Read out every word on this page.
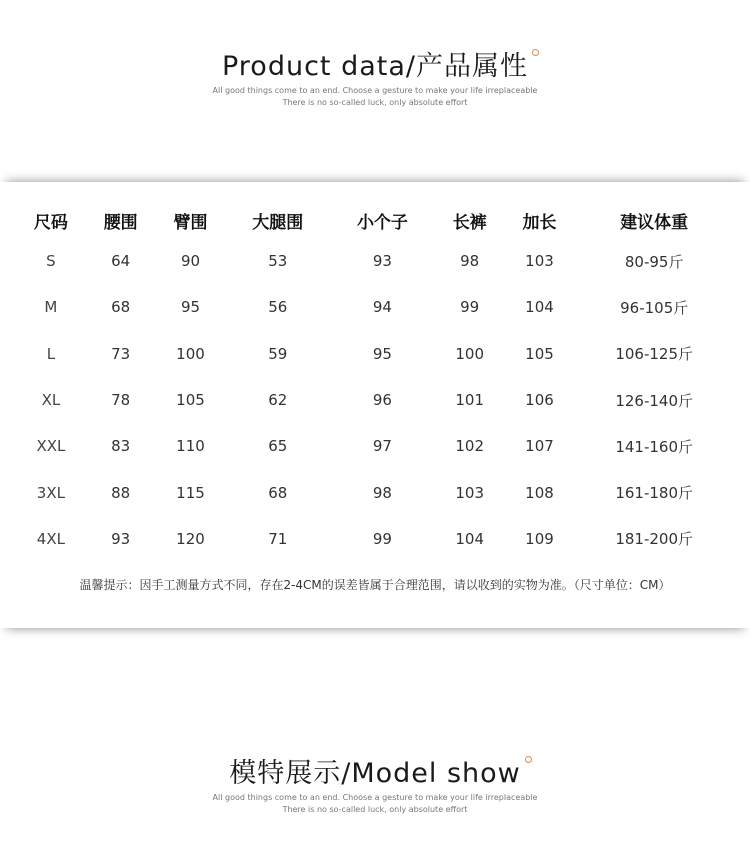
Product data/产品属性
All good things come to an end. Choose a gesture to make your life irreplaceable
There is no so-called luck, only absolute effort
尺码	腰围	臂围	大腿围	小个子	长裤	加长	建议体重
S	64	90	53	93	98	103	80-95斤
M	68	95	56	94	99	104	96-105斤
L	73	100	59	95	100	105	106-125斤
XL	78	105	62	96	101	106	126-140斤
XXL	83	110	65	97	102	107	141-160斤
3XL	88	115	68	98	103	108	161-180斤
4XL	93	120	71	99	104	109	181-200斤
温馨提示：因手工测量方式不同，存在2-4CM的误差皆属于合理范围，请以收到的实物为准。（尺寸单位：CM）
模特展示/Model show
All good things come to an end. Choose a gesture to make your life irreplaceable
There is no so-called luck, only absolute effort
